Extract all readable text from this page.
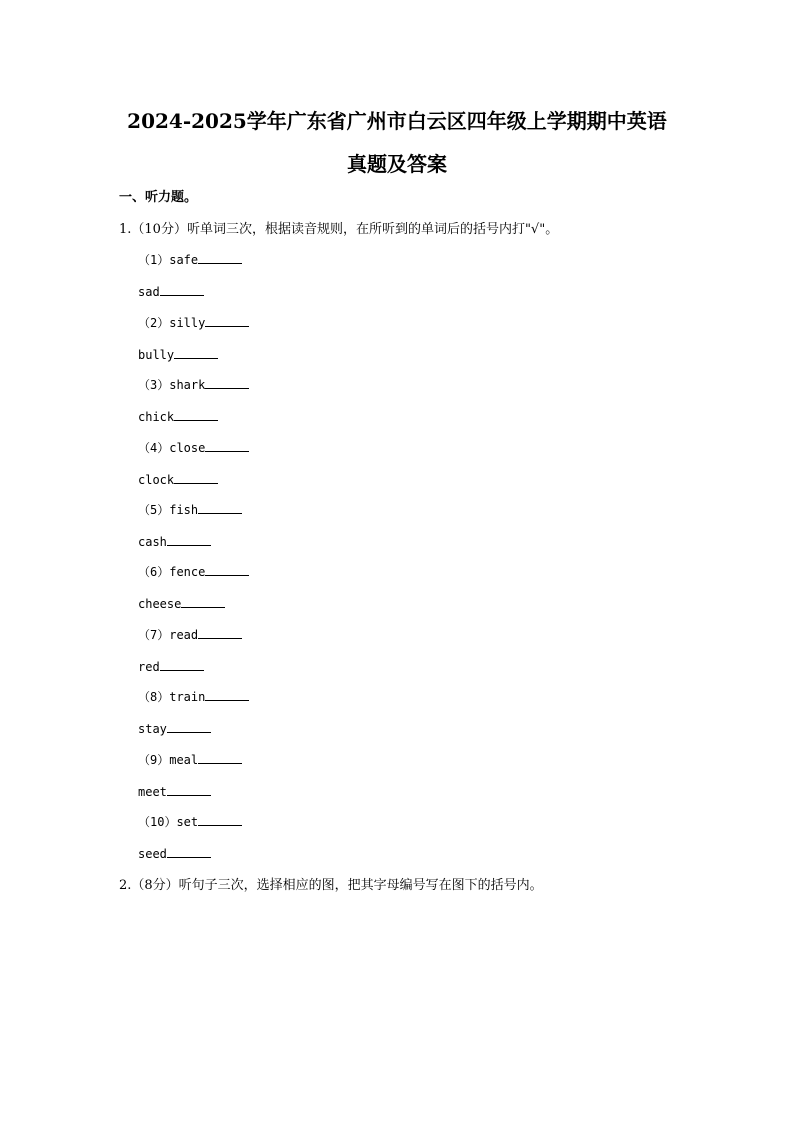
2024-2025学年广东省广州市白云区四年级上学期期中英语
真题及答案
一、听力题。
1.（10分）听单词三次，根据读音规则，在所听到的单词后的括号内打"√"。
（1）safe
sad
（2）silly
bully
（3）shark
chick
（4）close
clock
（5）fish
cash
（6）fence
cheese
（7）read
red
（8）train
stay
（9）meal
meet
（10）set
seed
2.（8分）听句子三次，选择相应的图，把其字母编号写在图下的括号内。
